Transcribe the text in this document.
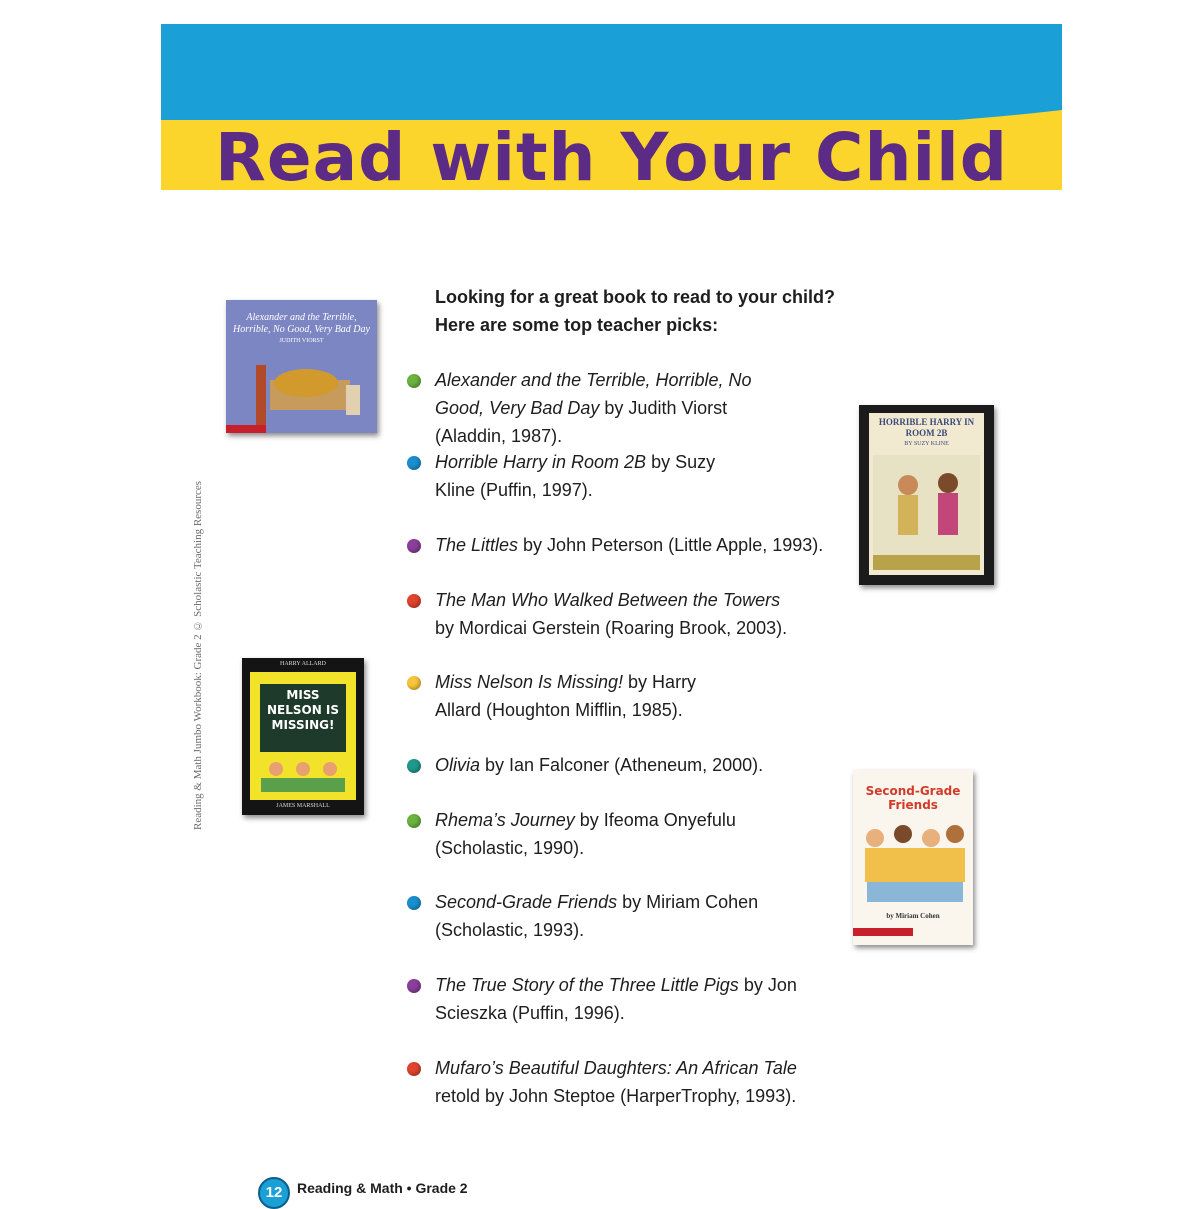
Read with Your Child
Reading & Math Jumbo Workbook: Grade 2 © Scholastic Teaching Resources
Looking for a great book to read to your child?
Here are some top teacher picks:
Alexander and the Terrible, Horrible, No Good, Very Bad Day by Judith Viorst (Aladdin, 1987).
Horrible Harry in Room 2B by Suzy Kline (Puffin, 1997).
The Littles by John Peterson (Little Apple, 1993).
The Man Who Walked Between the Towers by Mordicai Gerstein (Roaring Brook, 2003).
Miss Nelson Is Missing! by Harry Allard (Houghton Mifflin, 1985).
Olivia by Ian Falconer (Atheneum, 2000).
Rhema’s Journey by Ifeoma Onyefulu (Scholastic, 1990).
Second-Grade Friends by Miriam Cohen (Scholastic, 1993).
The True Story of the Three Little Pigs by Jon Scieszka (Puffin, 1996).
Mufaro’s Beautiful Daughters: An African Tale retold by John Steptoe (HarperTrophy, 1993).
Alexander and the Terrible, Horrible, No Good, Very Bad Day
JUDITH VIORST
HORRIBLE HARRY IN ROOM 2B
BY SUZY KLINE
HARRY ALLARD
MISS NELSON IS MISSING!
JAMES MARSHALL
Second-Grade Friends
by Miriam Cohen
12	Reading & Math • Grade 2
